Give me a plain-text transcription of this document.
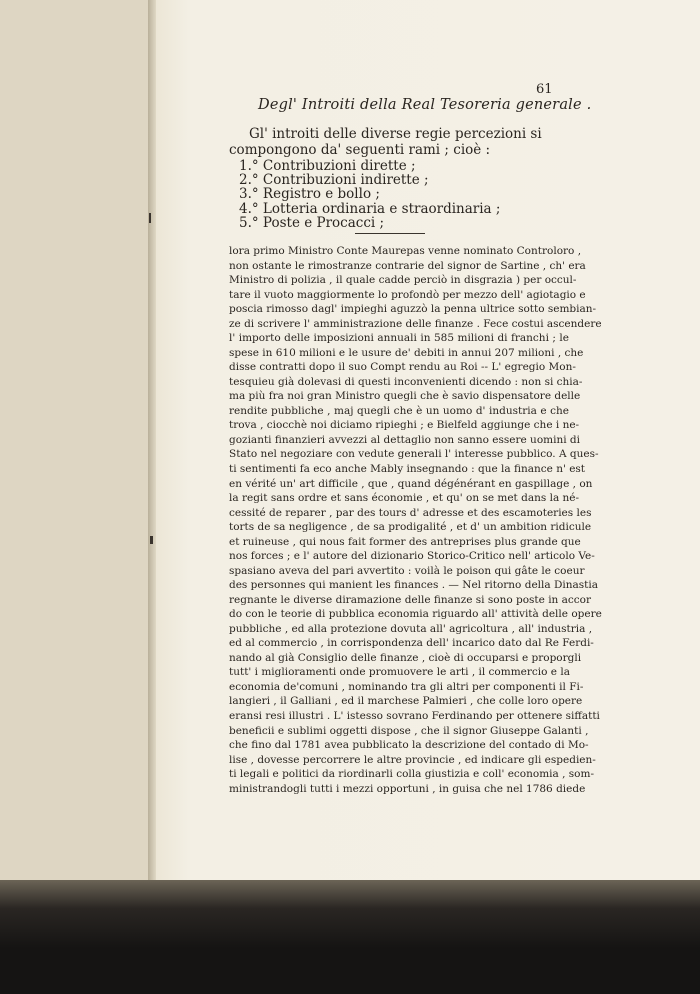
61
Degl' Introiti della Real Tesoreria generale .
Gl' introiti delle diverse regie percezioni si compongono da' seguenti rami ; cioè :
1.° Contribuzioni dirette ;
2.° Contribuzioni indirette ;
3.° Registro e bollo ;
4.° Lotteria ordinaria e straordinaria ;
5.° Poste e Procacci ;
lora primo Ministro Conte Maurepas venne nominato Controloro ,
non ostante le rimostranze contrarie del signor de Sartine , ch' era
Ministro di polizia , il quale cadde perciò in disgrazia ) per occul-
tare il vuoto maggiormente lo profondò per mezzo dell' agiotagio e
poscia rimosso dagl' impieghi aguzzò la penna ultrice sotto sembian-
ze di scrivere l' amministrazione delle finanze . Fece costui ascendere
l' importo delle imposizioni annuali in 585 milioni di franchi ; le
spese in 610 milioni e le usure de' debiti in annui 207 milioni , che
disse contratti dopo il suo Compt rendu au Roi -- L' egregio Mon-
tesquieu già dolevasi di questi inconvenienti dicendo : non si chia-
ma più fra noi gran Ministro quegli che è savio dispensatore delle
rendite pubbliche , maj quegli che è un uomo d' industria e che
trova , ciocchè noi diciamo ripieghi ; e Bielfeld aggiunge che i ne-
gozianti finanzieri avvezzi al dettaglio non sanno essere uomini di
Stato nel negoziare con vedute generali l' interesse pubblico. A ques-
ti sentimenti fa eco anche Mably insegnando : que la finance n' est
en vérité un' art difficile , que , quand dégénérant en gaspillage , on
la regit sans ordre et sans économie , et qu' on se met dans la né-
cessité de reparer , par des tours d' adresse et des escamoteries les
torts de sa negligence , de sa prodigalité , et d' un ambition ridicule
et ruineuse , qui nous fait former des antreprises plus grande que
nos forces ; e l' autore del dizionario Storico-Critico nell' articolo Ve-
spasiano aveva del pari avvertito : voilà le poison qui gâte le coeur
des personnes qui manient les finances . — Nel ritorno della Dinastia
regnante le diverse diramazione delle finanze si sono poste in accor
do con le teorie di pubblica economia riguardo all' attività delle opere
pubbliche , ed alla protezione dovuta all' agricoltura , all' industria ,
ed al commercio , in corrispondenza dell' incarico dato dal Re Ferdi-
nando al già Consiglio delle finanze , cioè di occuparsi e proporgli
tutt' i miglioramenti onde promuovere le arti , il commercio e la
economia de'comuni , nominando tra gli altri per componenti il Fi-
langieri , il Galliani , ed il marchese Palmieri , che colle loro opere
eransi resi illustri . L' istesso sovrano Ferdinando per ottenere siffatti
beneficii e sublimi oggetti dispose , che il signor Giuseppe Galanti ,
che fino dal 1781 avea pubblicato la descrizione del contado di Mo-
lise , dovesse percorrere le altre provincie , ed indicare gli espedien-
ti legali e politici da riordinarli colla giustizia e coll' economia , som-
ministrandogli tutti i mezzi opportuni , in guisa che nel 1786 diede
